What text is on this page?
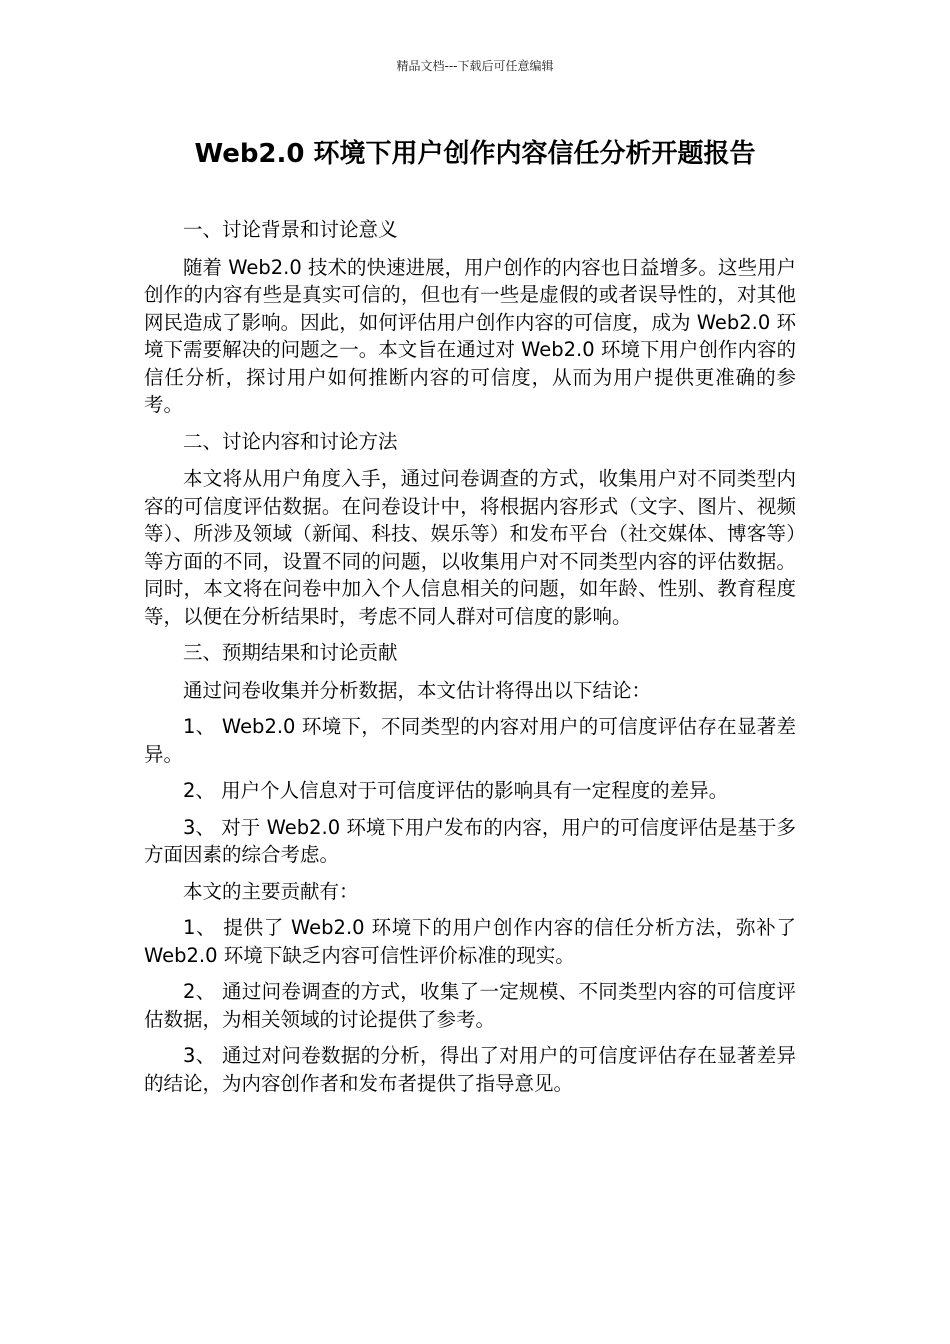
精品文档---下载后可任意编辑
Web2.0 环境下用户创作内容信任分析开题报告

一、讨论背景和讨论意义

随着 Web2.0 技术的快速进展，用户创作的内容也日益增多。这些用户创作的内容有些是真实可信的，但也有一些是虚假的或者误导性的，对其他网民造成了影响。因此，如何评估用户创作内容的可信度，成为 Web2.0 环境下需要解决的问题之一。本文旨在通过对 Web2.0 环境下用户创作内容的信任分析，探讨用户如何推断内容的可信度，从而为用户提供更准确的参考。

二、讨论内容和讨论方法

本文将从用户角度入手，通过问卷调查的方式，收集用户对不同类型内容的可信度评估数据。在问卷设计中，将根据内容形式（文字、图片、视频等）、所涉及领域（新闻、科技、娱乐等）和发布平台（社交媒体、博客等）等方面的不同，设置不同的问题，以收集用户对不同类型内容的评估数据。同时，本文将在问卷中加入个人信息相关的问题，如年龄、性别、教育程度等，以便在分析结果时，考虑不同人群对可信度的影响。

三、预期结果和讨论贡献

通过问卷收集并分析数据，本文估计将得出以下结论：

1、 Web2.0 环境下，不同类型的内容对用户的可信度评估存在显著差异。

2、 用户个人信息对于可信度评估的影响具有一定程度的差异。

3、 对于 Web2.0 环境下用户发布的内容，用户的可信度评估是基于多方面因素的综合考虑。

本文的主要贡献有：

1、 提供了 Web2.0 环境下的用户创作内容的信任分析方法，弥补了 Web2.0 环境下缺乏内容可信性评价标准的现实。

2、 通过问卷调查的方式，收集了一定规模、不同类型内容的可信度评估数据，为相关领域的讨论提供了参考。

3、 通过对问卷数据的分析，得出了对用户的可信度评估存在显著差异的结论，为内容创作者和发布者提供了指导意见。
